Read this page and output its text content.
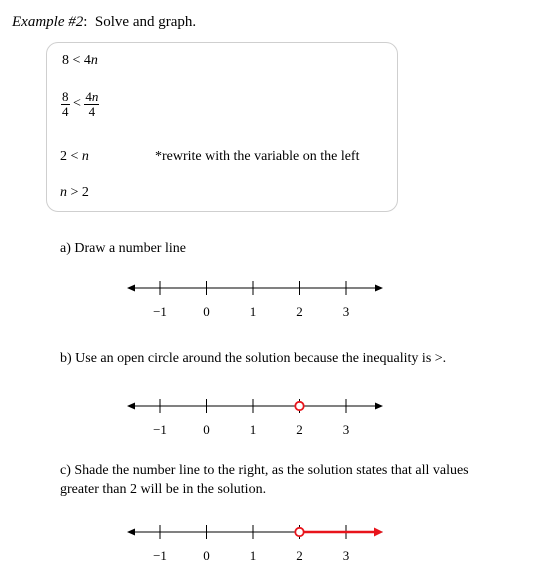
Example #2: Solve and graph.
8 < 4n
$\frac{8}{4} < \frac{4n}{4}$
2 < n	*rewrite with the variable on the left
n > 2
a) Draw a number line
−1	0	1	2	3
b) Use an open circle around the solution because the inequality is >.
−1	0	1	2	3
c) Shade the number line to the right, as the solution states that all values
greater than 2 will be in the solution.
−1	0	1	2	3
